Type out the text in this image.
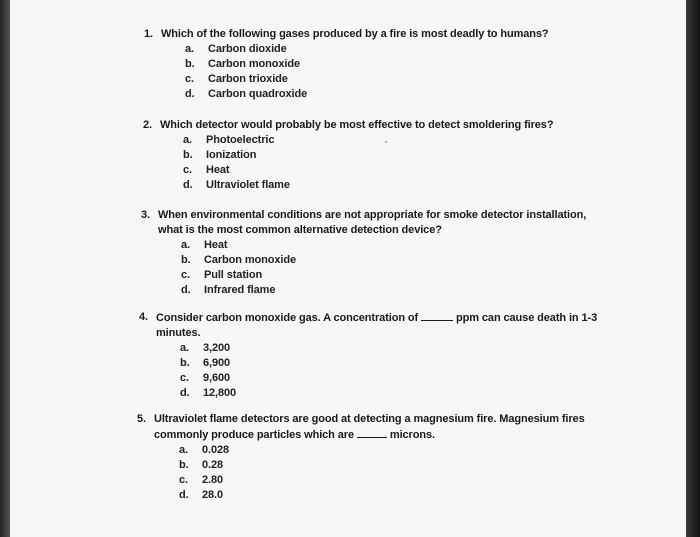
1. Which of the following gases produced by a fire is most deadly to humans?
a.	Carbon dioxide
b.	Carbon monoxide
c.	Carbon trioxide
d.	Carbon quadroxide
2. Which detector would probably be most effective to detect smoldering fires?
a.	Photoelectric
b.	Ionization
c.	Heat
d.	Ultraviolet flame
3. When environmental conditions are not appropriate for smoke detector installation,
what is the most common alternative detection device?
a.	Heat
b.	Carbon monoxide
c.	Pull station
d.	Infrared flame
4. Consider carbon monoxide gas. A concentration of	ppm can cause death in 1-3
minutes.
a.	3,200
b.	6,900
c.	9,600
d.	12,800
5. Ultraviolet flame detectors are good at detecting a magnesium fire. Magnesium fires
commonly produce particles which are	microns.
a.	0.028
b.	0.28
c.	2.80
d.	28.0
